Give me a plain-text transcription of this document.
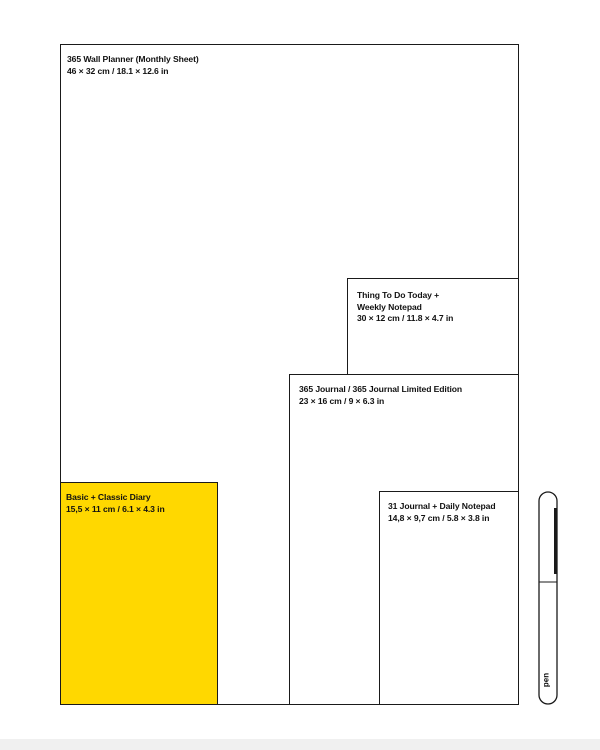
365 Wall Planner (Monthly Sheet)
46 × 32 cm / 18.1 × 12.6 in
Thing To Do Today +
Weekly Notepad
30 × 12 cm / 11.8 × 4.7 in
365 Journal / 365 Journal Limited Edition
23 × 16 cm / 9 × 6.3 in
31 Journal + Daily Notepad
14,8 × 9,7 cm / 5.8 × 3.8 in
Basic + Classic Diary
15,5 × 11 cm / 6.1 × 4.3 in
pen
